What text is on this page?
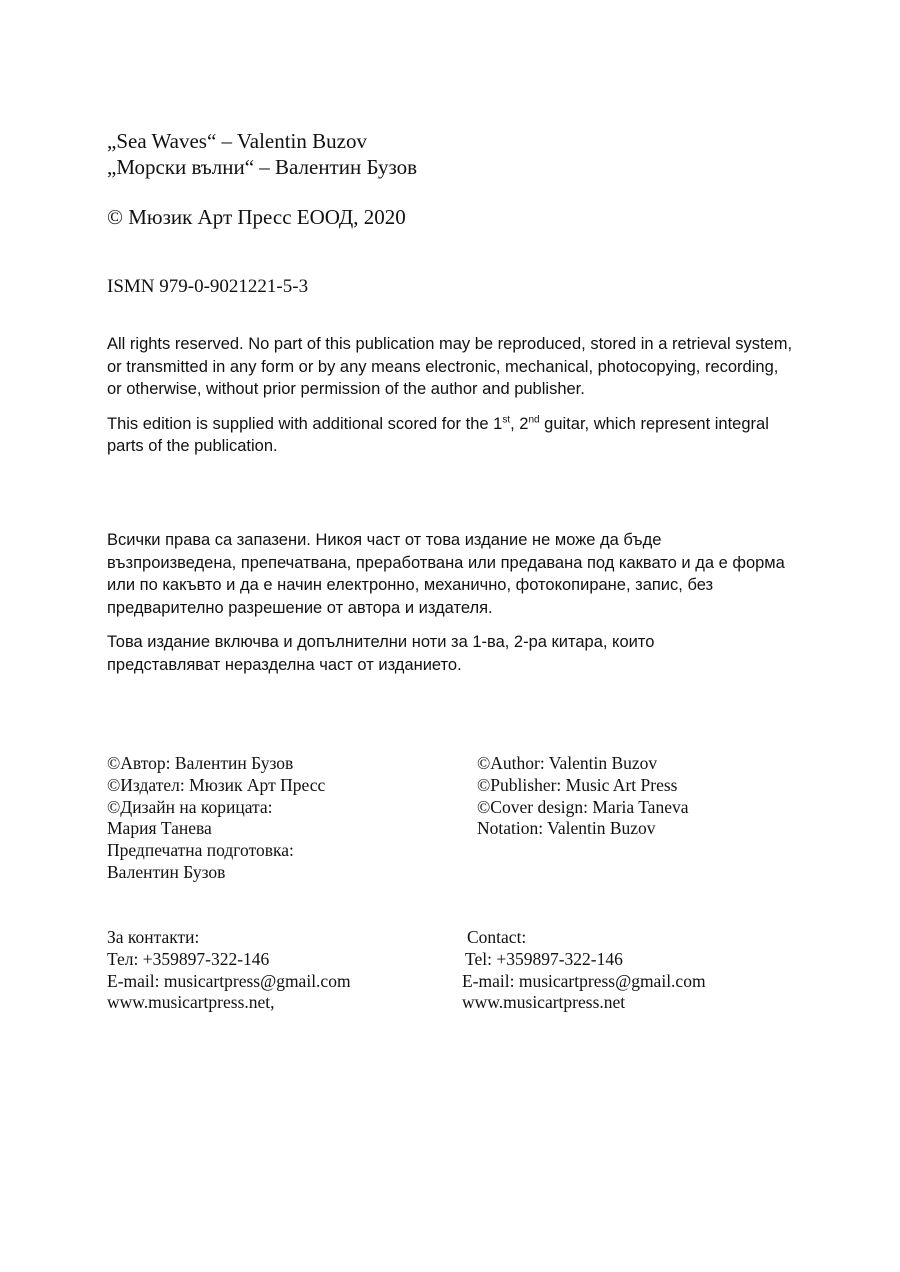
„Sea Waves“ – Valentin Buzov
„Морски вълни“ – Валентин Бузов
© Мюзик Арт Пресс ЕООД, 2020
ISMN 979-0-9021221-5-3

All rights reserved. No part of this publication may be reproduced, stored in a retrieval system, or transmitted in any form or by any means electronic, mechanical, photocopying, recording, or otherwise, without prior permission of the author and publisher.

This edition is supplied with additional scored for the 1st, 2nd guitar, which represent integral parts of the publication.

Всички права са запазени. Никоя част от това издание не може да бъде възпроизведена, препечатвана, преработвана или предавана под каквато и да е форма или по какъвто и да е начин електронно, механично, фотокопиране, запис, без предварително разрешение от автора и издателя.

Това издание включва и допълнителни ноти за 1-ва, 2-ра китара, които представляват неразделна част от изданието.

©Автор: Валентин Бузов
©Издател: Мюзик Арт Пресс
©Дизайн на корицата:
Мария Танева
Предпечатна подготовка:
Валентин Бузов
©Author: Valentin Buzov
©Publisher: Music Art Press
©Cover design: Maria Taneva
Notation: Valentin Buzov
За контакти:
Тел: +359897-322-146
E-mail: musicartpress@gmail.com
www.musicartpress.net,
Contact:
Tel: +359897-322-146
E-mail: musicartpress@gmail.com
www.musicartpress.net
